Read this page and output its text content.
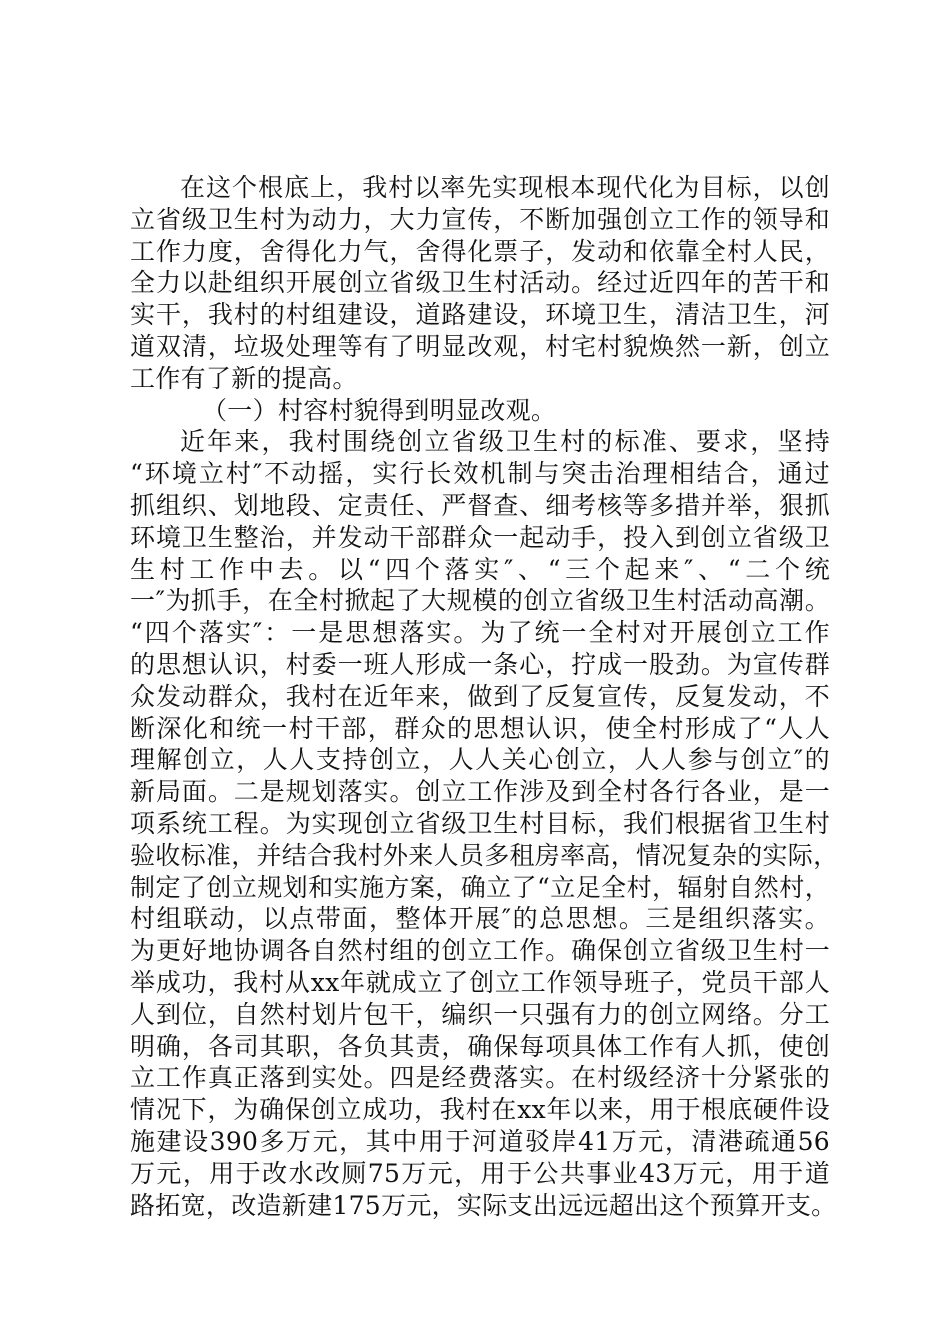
在这个根底上，我村以率先实现根本现代化为目标，以创
立省级卫生村为动力，大力宣传，不断加强创立工作的领导和
工作力度，舍得化力气，舍得化票子，发动和依靠全村人民，
全力以赴组织开展创立省级卫生村活动。经过近四年的苦干和
实干，我村的村组建设，道路建设，环境卫生，清洁卫生，河
道双清，垃圾处理等有了明显改观，村宅村貌焕然一新，创立
工作有了新的提高。
（一）村容村貌得到明显改观。
近年来，我村围绕创立省级卫生村的标准、要求，坚持
“环境立村″不动摇，实行长效机制与突击治理相结合，通过
抓组织、划地段、定责任、严督查、细考核等多措并举，狠抓
环境卫生整治，并发动干部群众一起动手，投入到创立省级卫
生村工作中去。以“四个落实″、“三个起来″、“二个统
一″为抓手，在全村掀起了大规模的创立省级卫生村活动高潮。
“四个落实″：一是思想落实。为了统一全村对开展创立工作
的思想认识，村委一班人形成一条心，拧成一股劲。为宣传群
众发动群众，我村在近年来，做到了反复宣传，反复发动，不
断深化和统一村干部，群众的思想认识，使全村形成了“人人
理解创立，人人支持创立，人人关心创立，人人参与创立″的
新局面。二是规划落实。创立工作涉及到全村各行各业，是一
项系统工程。为实现创立省级卫生村目标，我们根据省卫生村
验收标准，并结合我村外来人员多租房率高，情况复杂的实际，
制定了创立规划和实施方案，确立了“立足全村，辐射自然村，
村组联动，以点带面，整体开展″的总思想。三是组织落实。
为更好地协调各自然村组的创立工作。确保创立省级卫生村一
举成功，我村从xx年就成立了创立工作领导班子，党员干部人
人到位，自然村划片包干，编织一只强有力的创立网络。分工
明确，各司其职，各负其责，确保每项具体工作有人抓，使创
立工作真正落到实处。四是经费落实。在村级经济十分紧张的
情况下，为确保创立成功，我村在xx年以来，用于根底硬件设
施建设390多万元，其中用于河道驳岸41万元，清港疏通56
万元，用于改水改厕75万元，用于公共事业43万元，用于道
路拓宽，改造新建175万元，实际支出远远超出这个预算开支。
